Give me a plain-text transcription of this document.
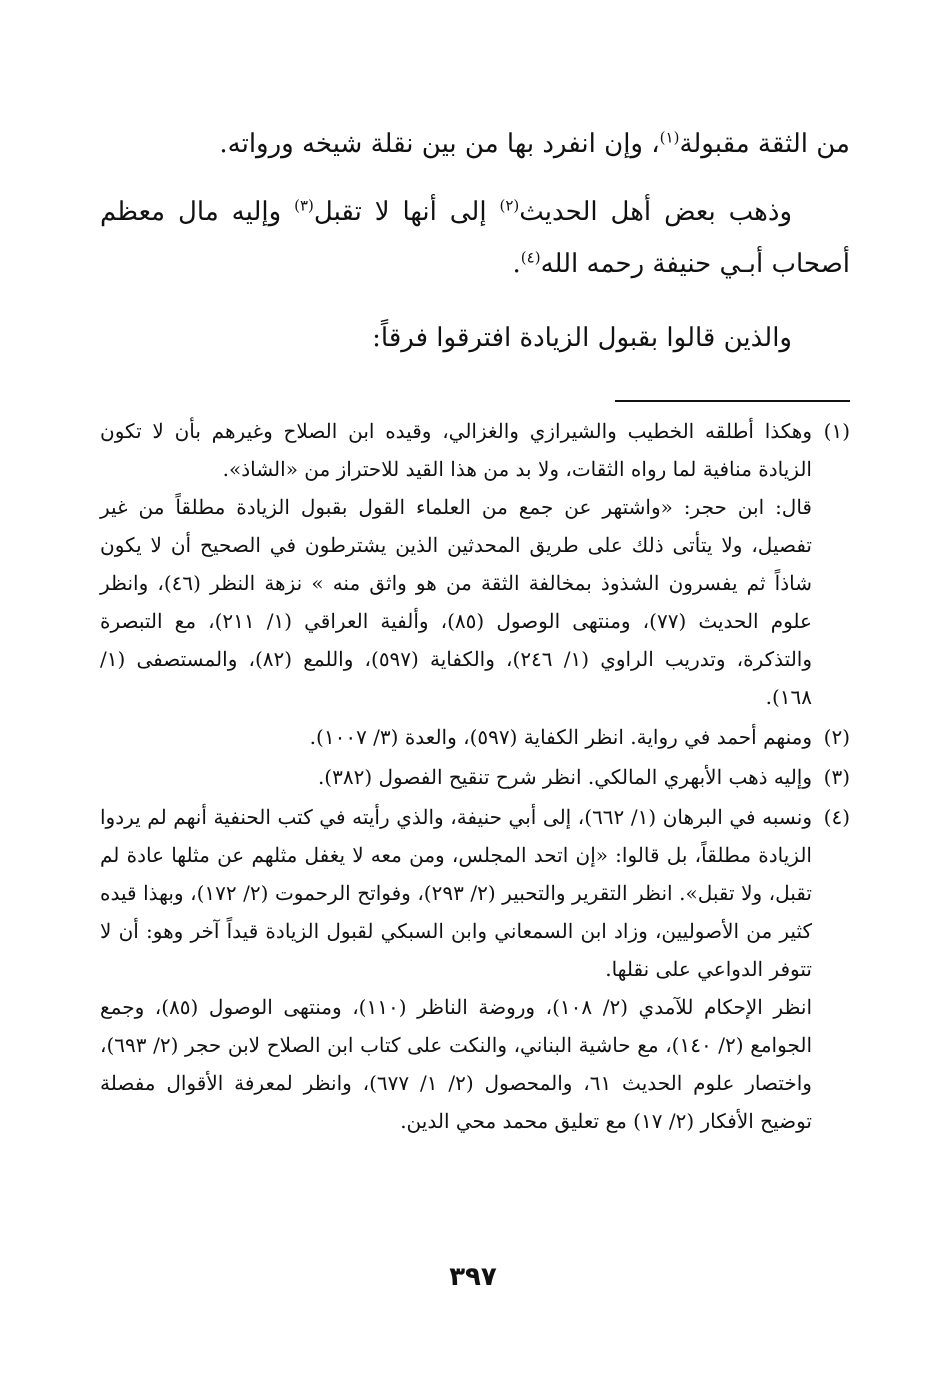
من الثقة مقبولة$^{(١)}$، وإن انفرد بها من بين نقلة شيخه ورواته.

وذهب بعض أهل الحديث$^{(٢)}$ إلى أنها لا تقبل$^{(٣)}$ وإليه مال معظم أصحاب أبـي حنيفة رحمه الله$^{(٤)}$.

والذين قالوا بقبول الزيادة افترقوا فرقاً:

(١)

وهكذا أطلقه الخطيب والشيرازي والغزالي، وقيده ابن الصلاح وغيرهم بأن لا تكون الزيادة منافية لما رواه الثقات، ولا بد من هذا القيد للاحتراز من «الشاذ».

قال: ابن حجر: «واشتهر عن جمع من العلماء القول بقبول الزيادة مطلقاً من غير تفصيل، ولا يتأتى ذلك على طريق المحدثين الذين يشترطون في الصحيح أن لا يكون شاذاً ثم يفسرون الشذوذ بمخالفة الثقة من هو واثق منه » نزهة النظر (٤٦)، وانظر علوم الحديث (٧٧)، ومنتهى الوصول (٨٥)، وألفية العراقي (١/ ٢١١)، مع التبصرة والتذكرة، وتدريب الراوي (١/ ٢٤٦)، والكفاية (٥٩٧)، واللمع (٨٢)، والمستصفى (١/ ١٦٨).

(٢)

ومنهم أحمد في رواية. انظر الكفاية (٥٩٧)، والعدة (٣/ ١٠٠٧).

(٣)

وإليه ذهب الأبهري المالكي. انظر شرح تنقيح الفصول (٣٨٢).

(٤)

ونسبه في البرهان (١/ ٦٦٢)، إلى أبي حنيفة، والذي رأيته في كتب الحنفية أنهم لم يردوا الزيادة مطلقاً، بل قالوا: «إن اتحد المجلس، ومن معه لا يغفل مثلهم عن مثلها عادة لم تقبل، ولا تقبل». انظر التقرير والتحبير (٢/ ٢٩٣)، وفواتح الرحموت (٢/ ١٧٢)، وبهذا قيده كثير من الأصوليين، وزاد ابن السمعاني وابن السبكي لقبول الزيادة قيداً آخر وهو: أن لا تتوفر الدواعي على نقلها.

انظر الإحكام للآمدي (٢/ ١٠٨)، وروضة الناظر (١١٠)، ومنتهى الوصول (٨٥)، وجمع الجوامع (٢/ ١٤٠)، مع حاشية البناني، والنكت على كتاب ابن الصلاح لابن حجر (٢/ ٦٩٣)، واختصار علوم الحديث ٦١، والمحصول (٢/ ١/ ٦٧٧)، وانظر لمعرفة الأقوال مفصلة توضيح الأفكار (٢/ ١٧) مع تعليق محمد محي الدين.

٣٩٧
